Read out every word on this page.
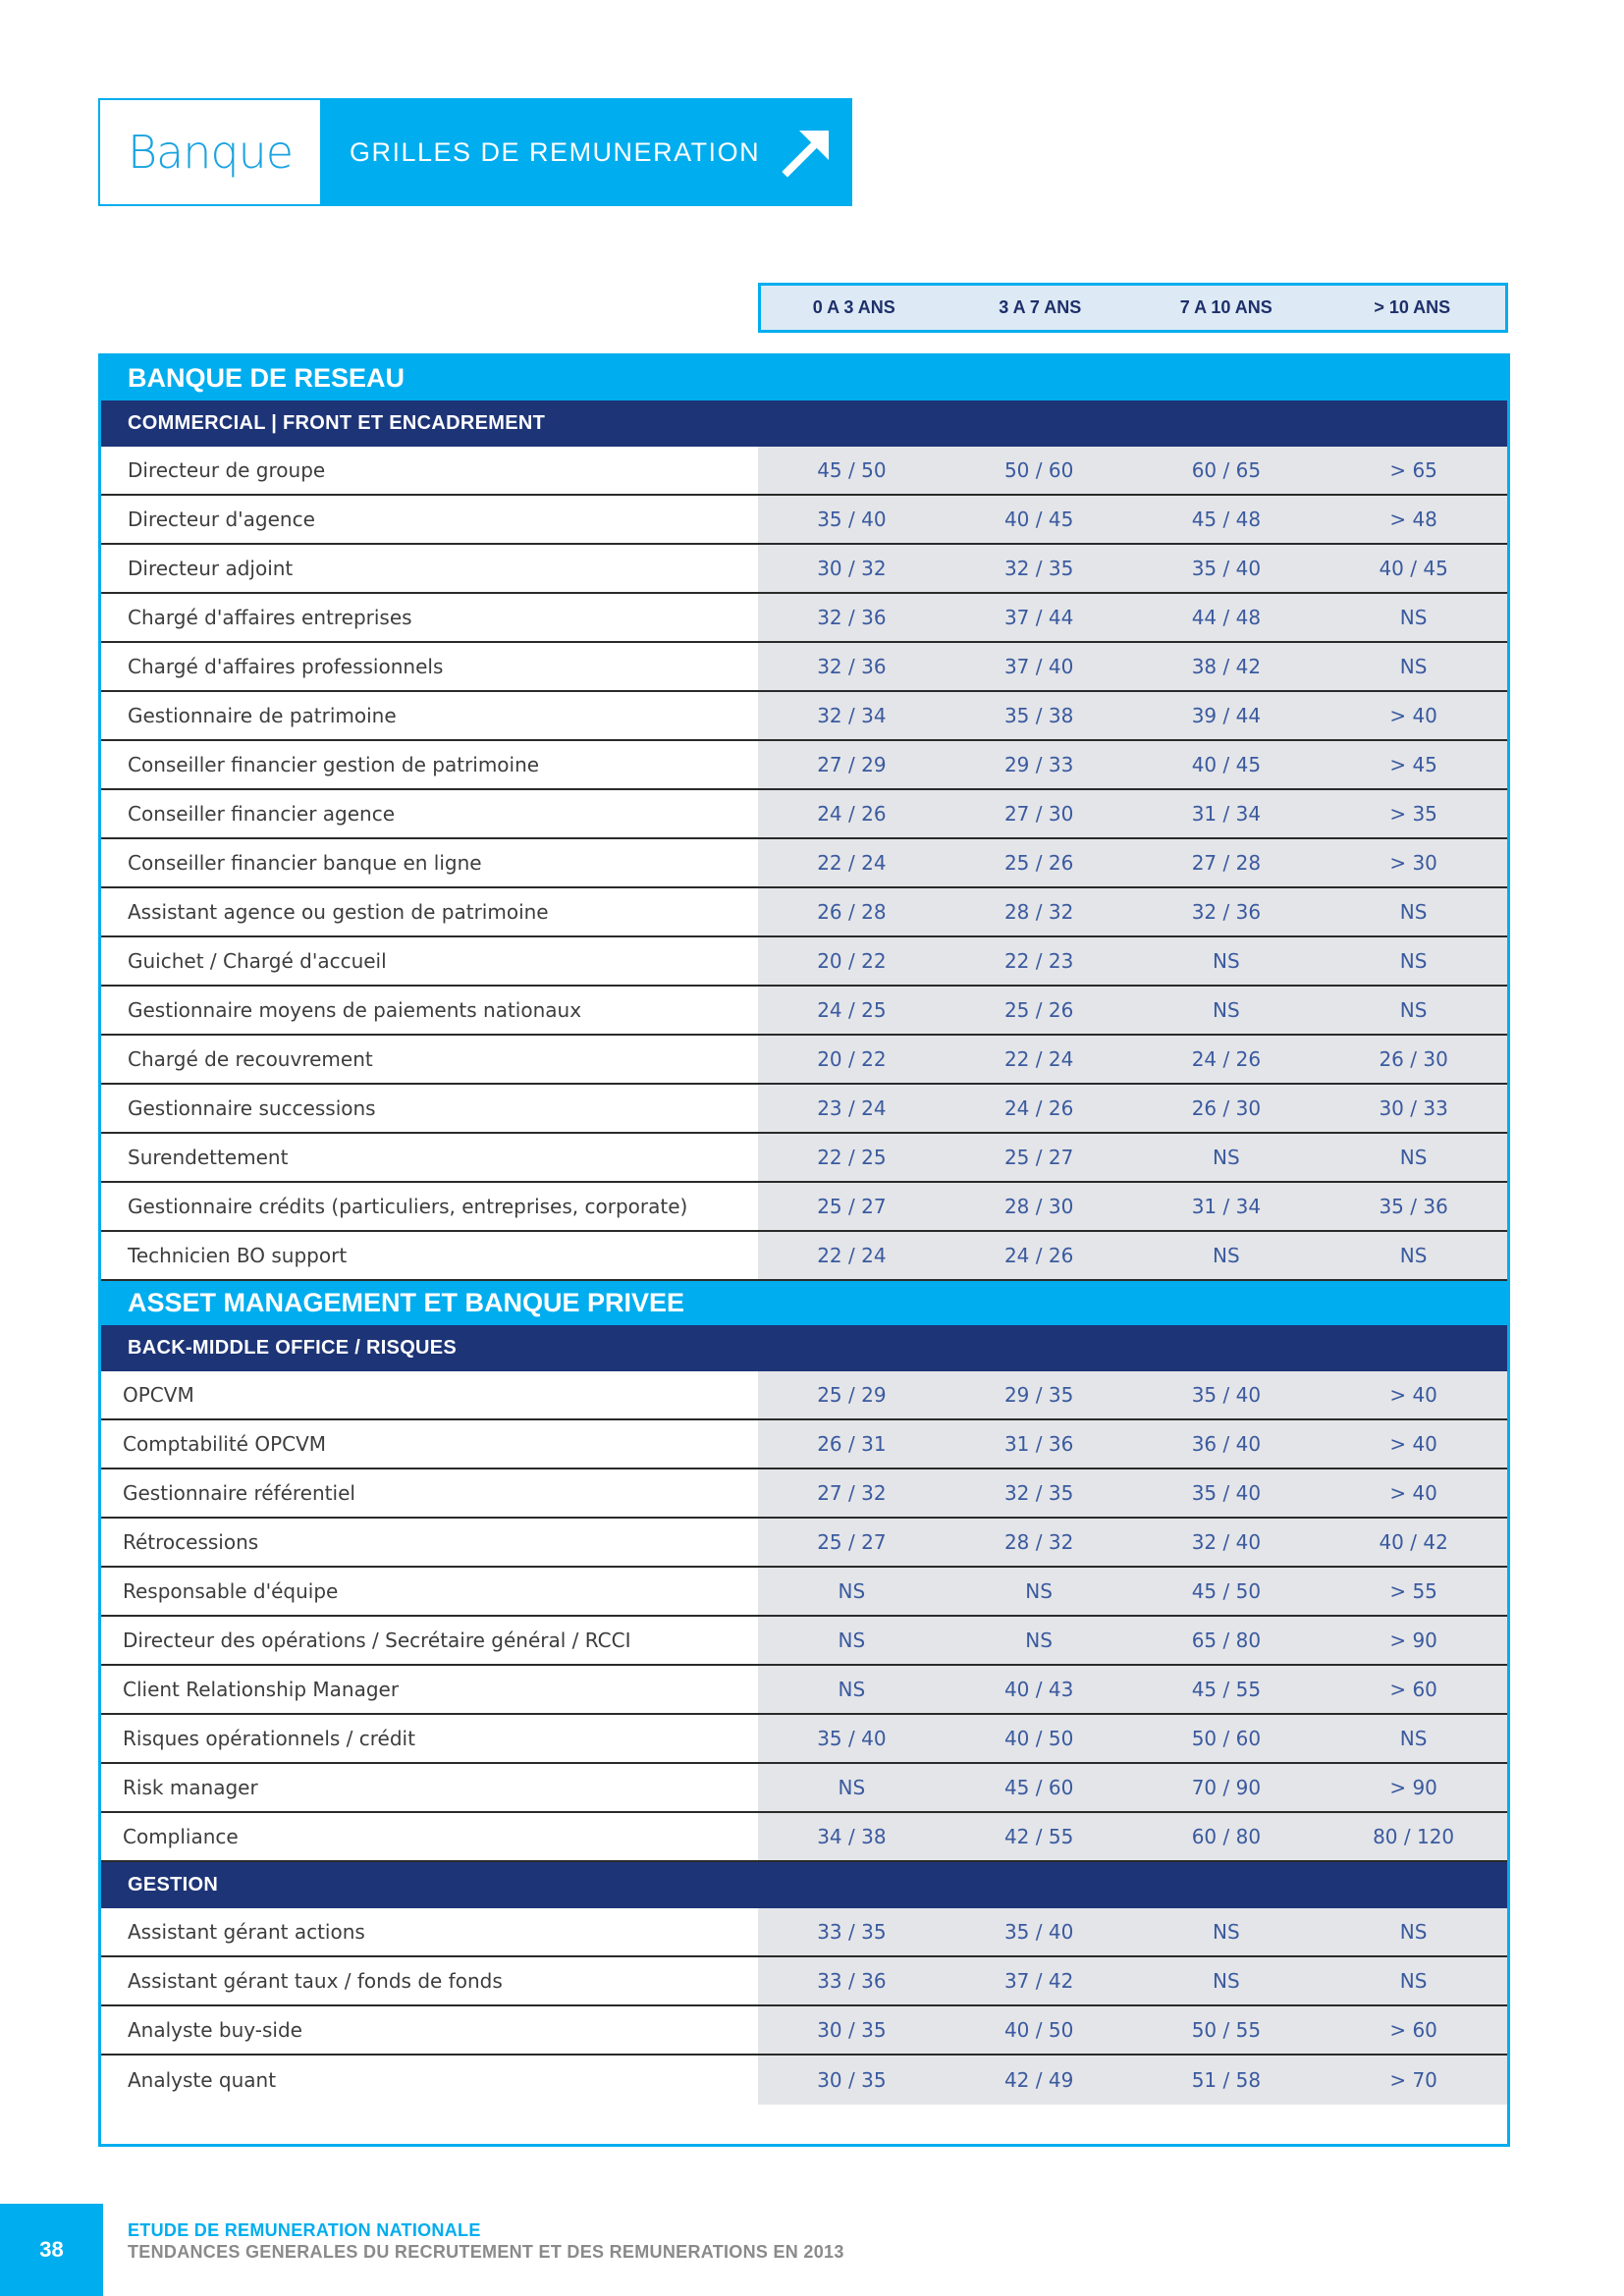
Banque	GRILLES DE REMUNERATION
0 A 3 ANS	3 A 7 ANS	7 A 10 ANS	> 10 ANS
BANQUE DE RESEAU
COMMERCIAL | FRONT ET ENCADREMENT
Directeur de groupe	45 / 50	50 / 60	60 / 65	> 65
Directeur d'agence	35 / 40	40 / 45	45 / 48	> 48
Directeur adjoint	30 / 32	32 / 35	35 / 40	40 / 45
Chargé d'affaires entreprises	32 / 36	37 / 44	44 / 48	NS
Chargé d'affaires professionnels	32 / 36	37 / 40	38 / 42	NS
Gestionnaire de patrimoine	32 / 34	35 / 38	39 / 44	> 40
Conseiller financier gestion de patrimoine	27 / 29	29 / 33	40 / 45	> 45
Conseiller financier agence	24 / 26	27 / 30	31 / 34	> 35
Conseiller financier banque en ligne	22 / 24	25 / 26	27 / 28	> 30
Assistant agence ou gestion de patrimoine	26 / 28	28 / 32	32 / 36	NS
Guichet / Chargé d'accueil	20 / 22	22 / 23	NS	NS
Gestionnaire moyens de paiements nationaux	24 / 25	25 / 26	NS	NS
Chargé de recouvrement	20 / 22	22 / 24	24 / 26	26 / 30
Gestionnaire successions	23 / 24	24 / 26	26 / 30	30 / 33
Surendettement	22 / 25	25 / 27	NS	NS
Gestionnaire crédits (particuliers, entreprises, corporate)	25 / 27	28 / 30	31 / 34	35 / 36
Technicien BO support	22 / 24	24 / 26	NS	NS
ASSET MANAGEMENT ET BANQUE PRIVEE
BACK-MIDDLE OFFICE / RISQUES
OPCVM	25 / 29	29 / 35	35 / 40	> 40
Comptabilité OPCVM	26 / 31	31 / 36	36 / 40	> 40
Gestionnaire référentiel	27 / 32	32 / 35	35 / 40	> 40
Rétrocessions	25 / 27	28 / 32	32 / 40	40 / 42
Responsable d'équipe	NS	NS	45 / 50	> 55
Directeur des opérations / Secrétaire général / RCCI	NS	NS	65 / 80	> 90
Client Relationship Manager	NS	40 / 43	45 / 55	> 60
Risques opérationnels / crédit	35 / 40	40 / 50	50 / 60	NS
Risk manager	NS	45 / 60	70 / 90	> 90
Compliance	34 / 38	42 / 55	60 / 80	80 / 120
GESTION
Assistant gérant actions	33 / 35	35 / 40	NS	NS
Assistant gérant taux / fonds de fonds	33 / 36	37 / 42	NS	NS
Analyste buy-side	30 / 35	40 / 50	50 / 55	> 60
Analyste quant	30 / 35	42 / 49	51 / 58	> 70
38
ETUDE DE REMUNERATION NATIONALE
TENDANCES GENERALES DU RECRUTEMENT ET DES REMUNERATIONS EN 2013
